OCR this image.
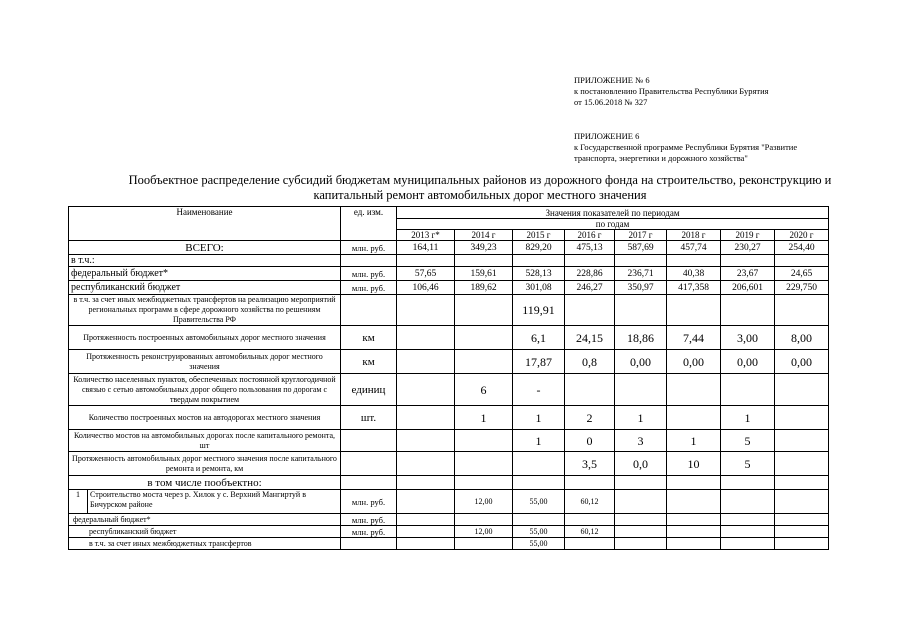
ПРИЛОЖЕНИЕ № 6
к постановлению Правительства Республики Бурятия
от 15.06.2018 № 327
ПРИЛОЖЕНИЕ 6
к Государственной программе Республики Бурятия "Развитие
транспорта, энергетики и дорожного хозяйства"
Пообъектное распределение субсидий бюджетам муниципальных районов из дорожного фонда на строительство, реконструкцию и
капитальный ремонт автомобильных дорог местного значения
Наименование	ед. изм.	Значения показателей по периодам							
		по годам							
		2013 г*	2014 г	2015 г	2016 г	2017 г	2018 г	2019 г	2020 г
ВСЕГО:	млн. руб.	164,11	349,23	829,20	475,13	587,69	457,74	230,27	254,40
в т.ч.:									
федеральный бюджет*	млн. руб.	57,65	159,61	528,13	228,86	236,71	40,38	23,67	24,65
республиканский бюджет	млн. руб.	106,46	189,62	301,08	246,27	350,97	417,358	206,601	229,750
в т.ч. за счет иных межбюджетных трансфертов на реализацию мероприятий региональных программ в сфере дорожного хозяйства по решениям Правительства РФ				119,91					
Протяженность построенных автомобильных дорог местного значения	км			6,1	24,15	18,86	7,44	3,00	8,00
Протяженность реконструированных автомобильных дорог местного значения	км			17,87	0,8	0,00	0,00	0,00	0,00
Количество населенных пунктов, обеспеченных постоянной круглогодичной связью с сетью автомобильных дорог общего пользования по дорогам с твердым покрытием	единиц		6	-					
Количество построенных мостов на автодорогах местного значения	шт.		1	1	2	1		1	
Количество мостов на автомобильных дорогах после капитального ремонта, шт				1	0	3	1	5	
Протяженность автомобильных дорог местного значения после капитального ремонта и ремонта, км					3,5	0,0	10	5	
в том числе пообъектно:									

1 Строительство моста через р. Хилок у с. Верхний Мангиртуй в Бичурском районе	млн. руб.		12,00	55,00	60,12				
федеральный бюджет*	млн. руб.								
республиканский бюджет	млн. руб.		12,00	55,00	60,12				
в т.ч. за счет иных межбюджетных трансфертов				55,00					
